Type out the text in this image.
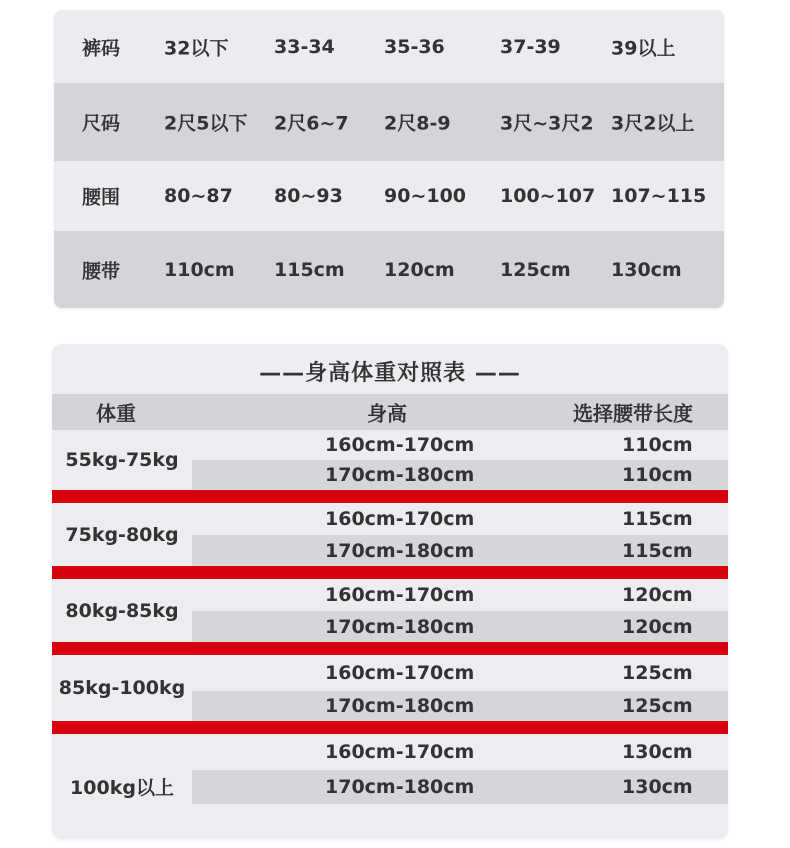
裤码 32以下 33-34	35-36	37-39	39以上
尺码 2尺5以下 2尺6~7 2尺8-9	3尺~3尺2 3尺2以上
腰围 80~87 80~93 90~100 100~107 107~115
腰带 110cm 115cm 120cm 125cm 130cm
——身高体重对照表 ——
体重	身高	选择腰带长度
55kg-75kg
160cm-170cm	110cm
170cm-180cm	110cm
75kg-80kg
160cm-170cm	115cm
170cm-180cm	115cm
80kg-85kg
160cm-170cm	120cm
170cm-180cm	120cm
85kg-100kg
160cm-170cm	125cm
170cm-180cm	125cm
100kg以上
160cm-170cm	130cm
170cm-180cm	130cm
